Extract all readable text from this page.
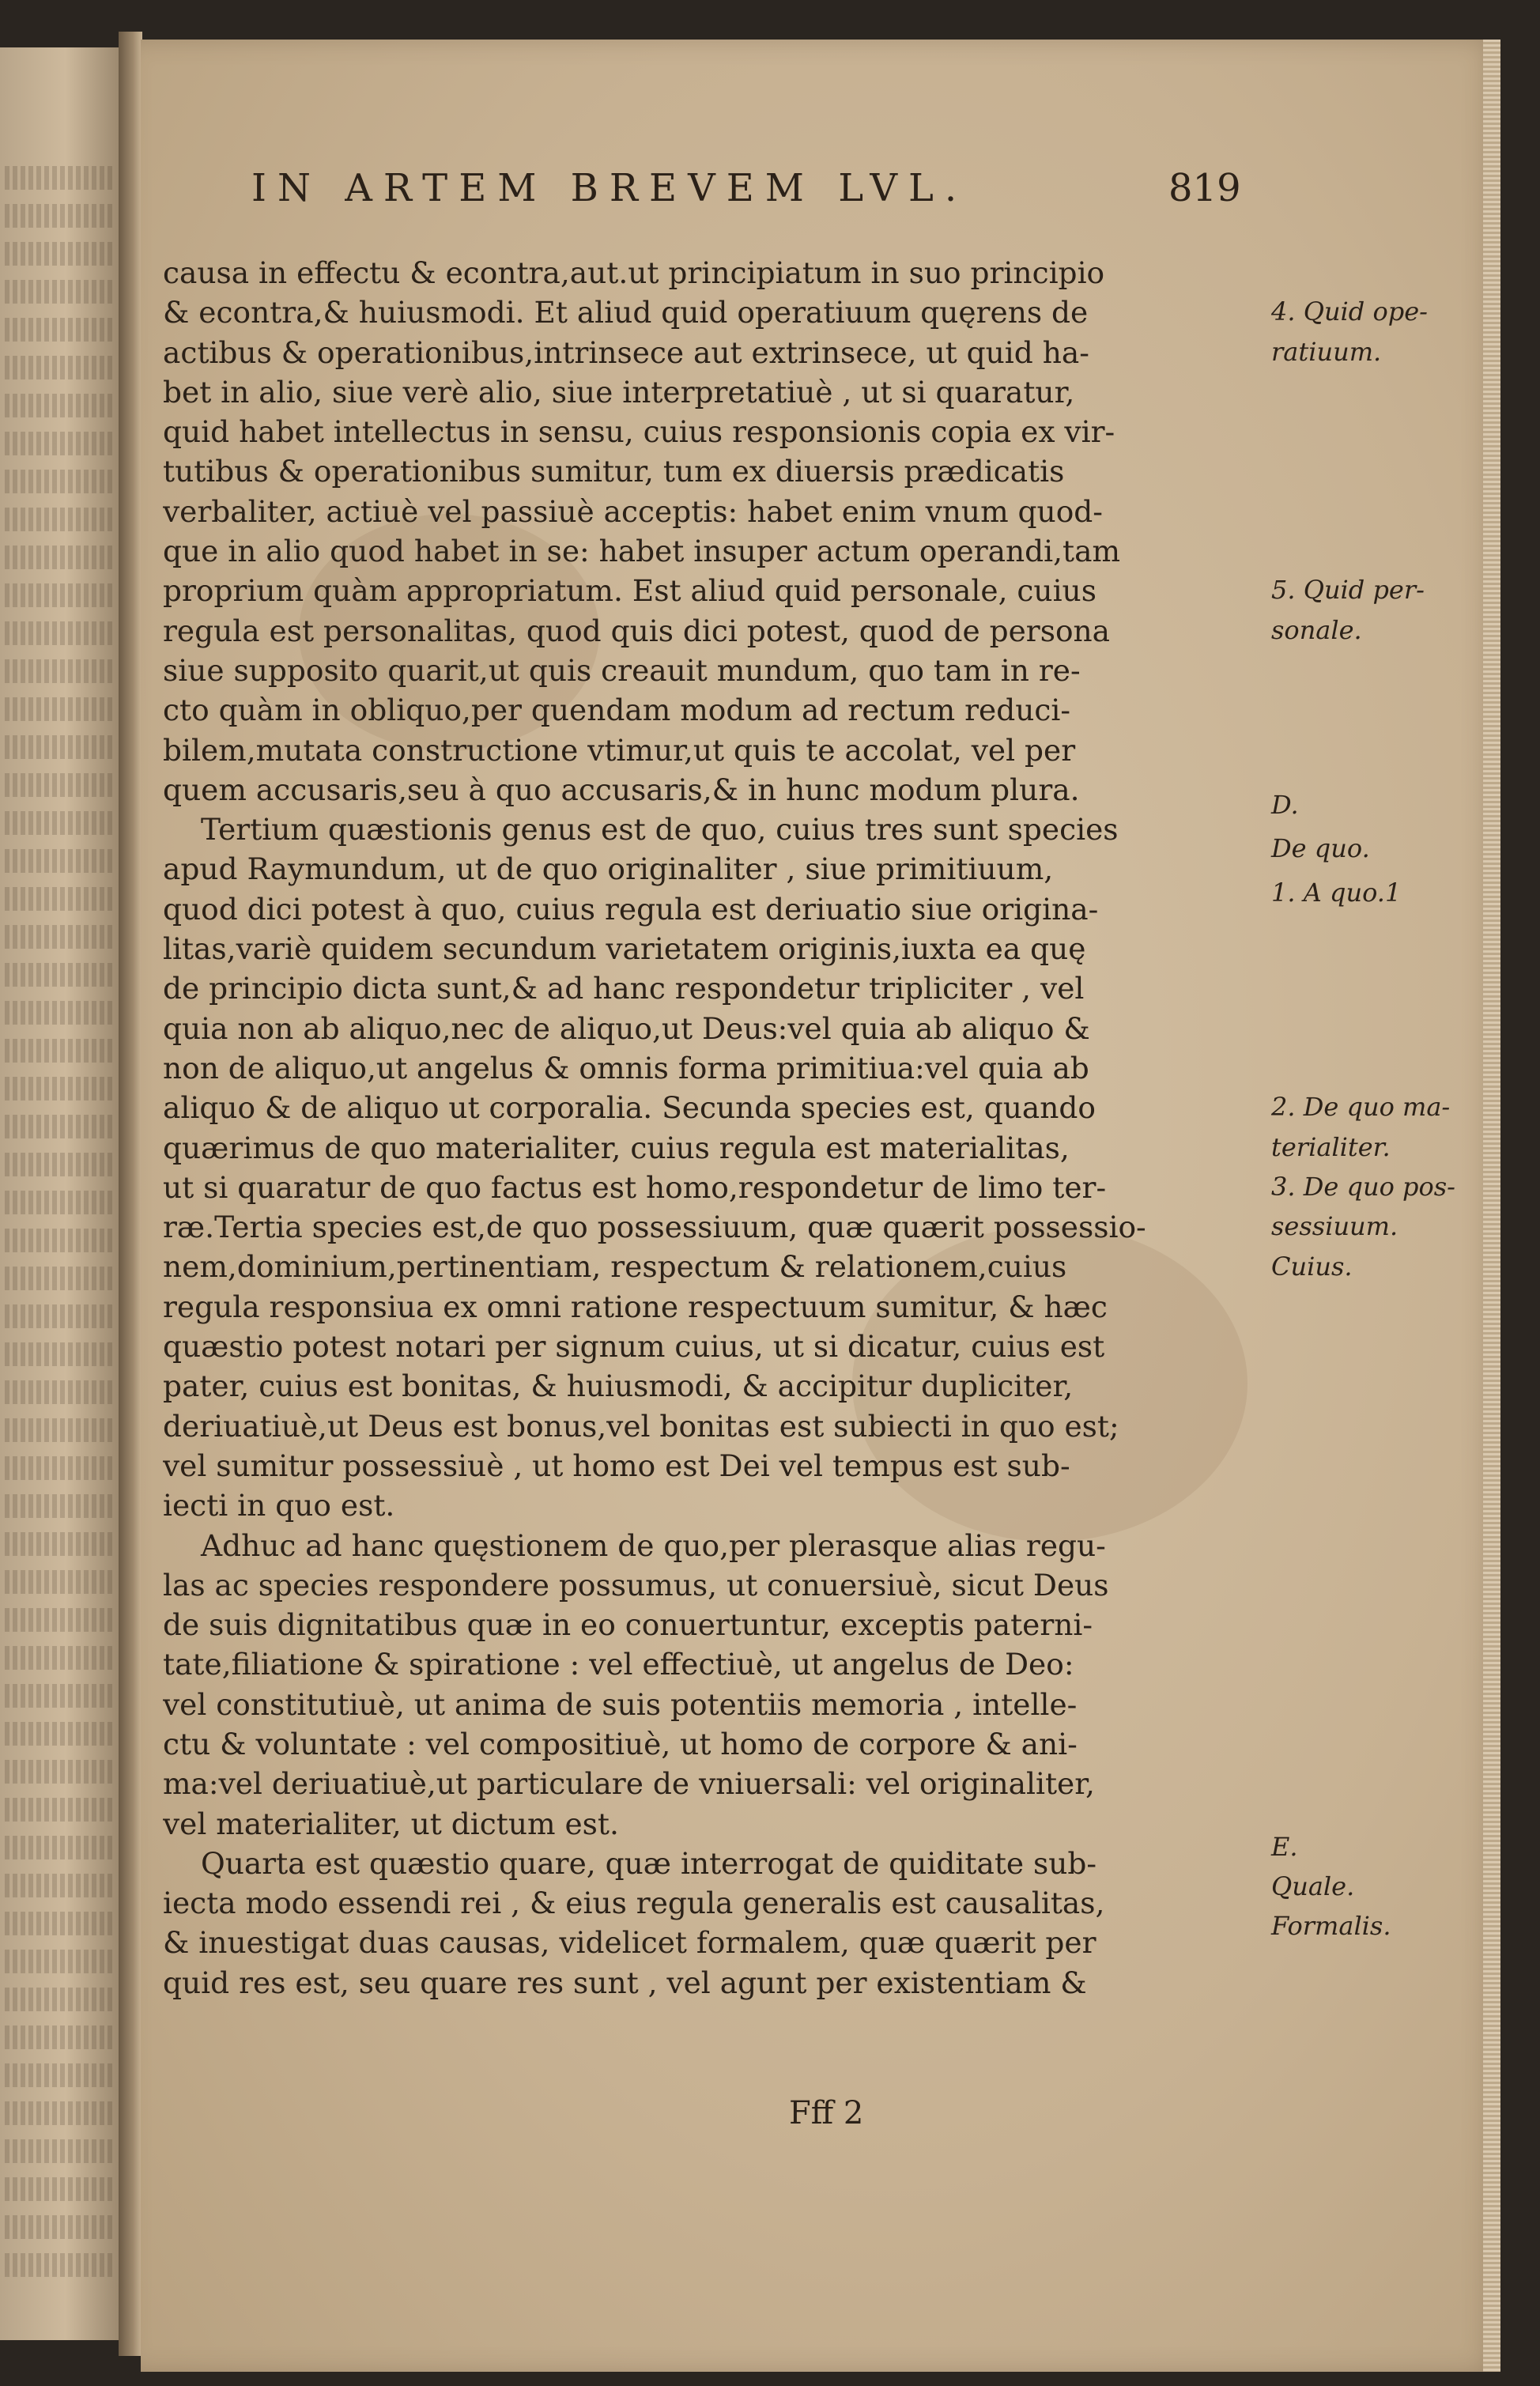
IN ARTEM BREVEM LVL.	819
causa in effectu & econtra,aut.ut principiatum in suo principio
& econtra,& huiusmodi. Et aliud quid operatiuum quęrens de
actibus & operationibus,intrinsece aut extrinsece, ut quid ha-
bet in alio, siue verè alio, siue interpretatiuè , ut si quaratur,
quid habet intellectus in sensu, cuius responsionis copia ex vir-
tutibus & operationibus sumitur, tum ex diuersis prædicatis
verbaliter, actiuè vel passiuè acceptis: habet enim vnum quod-
que in alio quod habet in se: habet insuper actum operandi,tam
proprium quàm appropriatum. Est aliud quid personale, cuius
regula est personalitas, quod quis dici potest, quod de persona
siue supposito quarit,ut quis creauit mundum, quo tam in re-
cto quàm in obliquo,per quendam modum ad rectum reduci-
bilem,mutata constructione vtimur,ut quis te accolat, vel per
quem accusaris,seu à quo accusaris,& in hunc modum plura.
Tertium quæstionis genus est de quo, cuius tres sunt species
apud Raymundum, ut de quo originaliter , siue primitiuum,
quod dici potest à quo, cuius regula est deriuatio siue origina-
litas,variè quidem secundum varietatem originis,iuxta ea quę
de principio dicta sunt,& ad hanc respondetur tripliciter , vel
quia non ab aliquo,nec de aliquo,ut Deus:vel quia ab aliquo &
non de aliquo,ut angelus & omnis forma primitiua:vel quia ab
aliquo & de aliquo ut corporalia. Secunda species est, quando
quærimus de quo materialiter, cuius regula est materialitas,
ut si quaratur de quo factus est homo,respondetur de limo ter-
ræ.Tertia species est,de quo possessiuum, quæ quærit possessio-
nem,dominium,pertinentiam, respectum & relationem,cuius
regula responsiua ex omni ratione respectuum sumitur, & hæc
quæstio potest notari per signum cuius, ut si dicatur, cuius est
pater, cuius est bonitas, & huiusmodi, & accipitur dupliciter,
deriuatiuè,ut Deus est bonus,vel bonitas est subiecti in quo est;
vel sumitur possessiuè , ut homo est Dei vel tempus est sub-
iecti in quo est.
Adhuc ad hanc quęstionem de quo,per plerasque alias regu-
las ac species respondere possumus, ut conuersiuè, sicut Deus
de suis dignitatibus quæ in eo conuertuntur, exceptis paterni-
tate,filiatione & spiratione : vel effectiuè, ut angelus de Deo:
vel constitutiuè, ut anima de suis potentiis memoria , intelle-
ctu & voluntate : vel compositiuè, ut homo de corpore & ani-
ma:vel deriuatiuè,ut particulare de vniuersali: vel originaliter,
vel materialiter, ut dictum est.
Quarta est quæstio quare, quæ interrogat de quiditate sub-
iecta modo essendi rei , & eius regula generalis est causalitas,
& inuestigat duas causas, videlicet formalem, quæ quærit per
quid res est, seu quare res sunt , vel agunt per existentiam &
4. Quid ope-
ratiuum.
5. Quid per-
sonale.
D.
De quo.
1. A quo.1
2. De quo ma-
terialiter.
3. De quo pos-
sessiuum.
Cuius.
E.
Quale.
Formalis.
Fff 2
